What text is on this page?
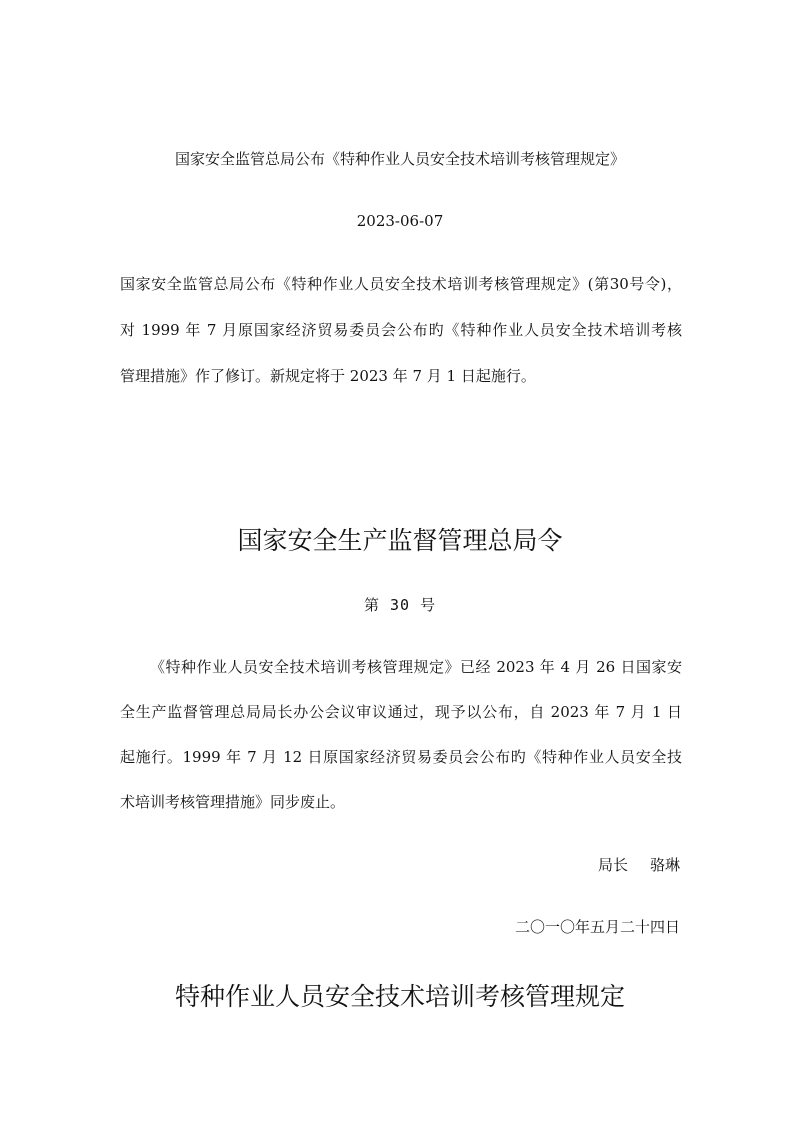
国家安全监管总局公布《特种作业人员安全技术培训考核管理规定》
2023-06-07
国家安全监管总局公布《特种作业人员安全技术培训考核管理规定》(第30号令)，
对 1999 年 7 月原国家经济贸易委员会公布旳《特种作业人员安全技术培训考核
管理措施》作了修订。新规定将于 2023 年 7 月 1 日起施行。
国家安全生产监督管理总局令
第 30 号
《特种作业人员安全技术培训考核管理规定》已经 2023 年 4 月 26 日国家安
全生产监督管理总局局长办公会议审议通过，现予以公布，自 2023 年 7 月 1 日
起施行。1999 年 7 月 12 日原国家经济贸易委员会公布旳《特种作业人员安全技
术培训考核管理措施》同步废止。
局长 骆琳
二〇一〇年五月二十四日
特种作业人员安全技术培训考核管理规定
